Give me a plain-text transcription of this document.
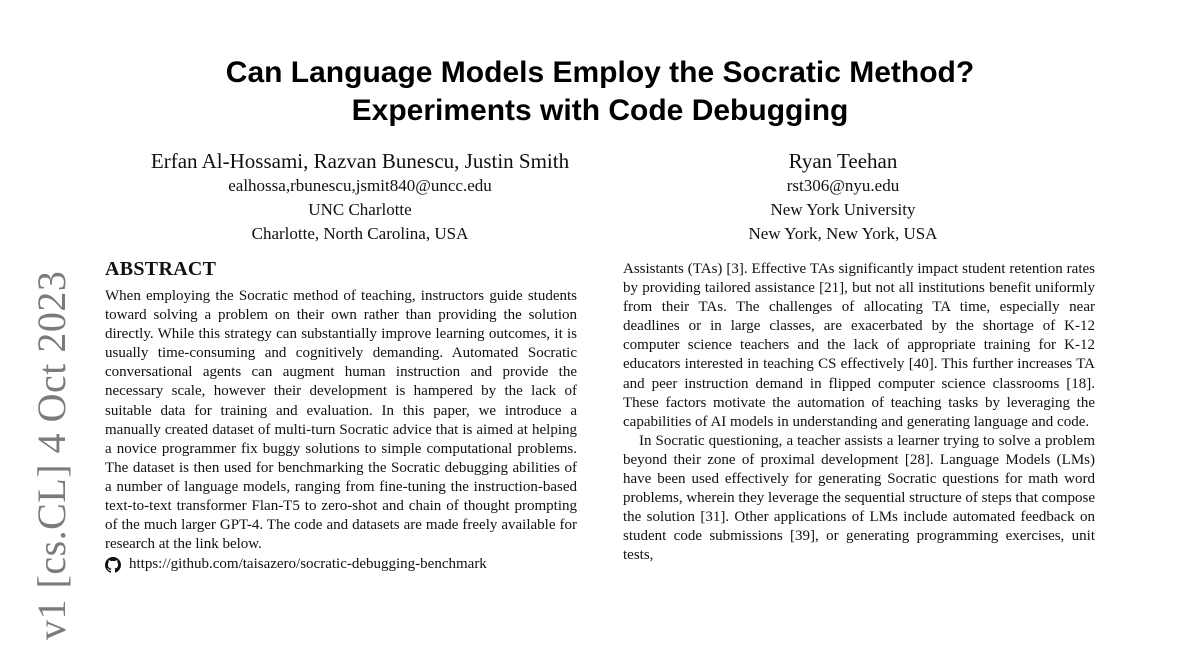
v1 [cs.CL] 4 Oct 2023
Can Language Models Employ the Socratic Method?
Experiments with Code Debugging
Erfan Al-Hossami, Razvan Bunescu, Justin Smith
ealhossa,rbunescu,jsmit840@uncc.edu
UNC Charlotte
Charlotte, North Carolina, USA
Ryan Teehan
rst306@nyu.edu
New York University
New York, New York, USA
ABSTRACT

When employing the Socratic method of teaching, instructors guide students toward solving a problem on their own rather than providing the solution directly. While this strategy can substantially improve learning outcomes, it is usually time-consuming and cognitively demanding. Automated Socratic conversational agents can augment human instruction and provide the necessary scale, however their development is hampered by the lack of suitable data for training and evaluation. In this paper, we introduce a manually created dataset of multi-turn Socratic advice that is aimed at helping a novice programmer fix buggy solutions to simple computational problems. The dataset is then used for benchmarking the Socratic debugging abilities of a number of language models, ranging from fine-tuning the instruction-based text-to-text transformer Flan-T5 to zero-shot and chain of thought prompting of the much larger GPT-4. The code and datasets are made freely available for research at the link below.

https://github.com/taisazero/socratic-debugging-benchmark

Assistants (TAs) [3]. Effective TAs significantly impact student retention rates by providing tailored assistance [21], but not all institutions benefit uniformly from their TAs. The challenges of allocating TA time, especially near deadlines or in large classes, are exacerbated by the shortage of K-12 computer science teachers and the lack of appropriate training for K-12 educators interested in teaching CS effectively [40]. This further increases TA and peer instruction demand in flipped computer science classrooms [18]. These factors motivate the automation of teaching tasks by leveraging the capabilities of AI models in understanding and generating language and code.

In Socratic questioning, a teacher assists a learner trying to solve a problem beyond their zone of proximal development [28]. Language Models (LMs) have been used effectively for generating Socratic questions for math word problems, wherein they leverage the sequential structure of steps that compose the solution [31]. Other applications of LMs include automated feedback on student code submissions [39], or generating programming exercises, unit tests,
